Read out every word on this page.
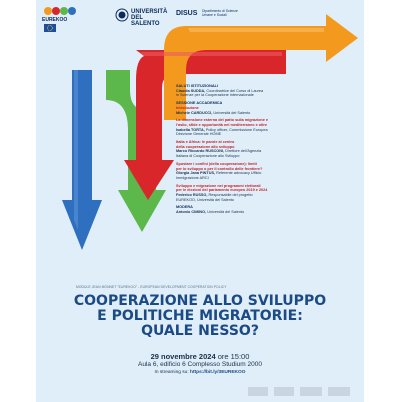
EUREKOO
UNIVERSITÀ DEL SALENTO
DISUS Dipartimento di Scienze Umane e Sociali
SALUTI ISTITUZIONALI
Claudia SUDDA, Coordinatrice del Corso di Laurea
in Scienze per la Cooperazione Internazionale
SESSIONE ACCADEMICA
Introduzione
Michele CARDUCCI, Università del Salento
La dimensione esterna del patto sulla migrazione e
l'asilo, sfide e opportunità nel mediterraneo e oltre
Isabella TORTA, Policy officer, Commissione Europea
Direzione Generale HOME
Italia e Africa: le parole al centro
della cooperazione allo sviluppo
Marco Riccardo RUSCONI, Direttore dell'Agenzia
Italiana di Cooperazione allo Sviluppo
Spostare i confini (della cooperazione): limiti
per lo sviluppo o per il controllo delle frontiere?
Giorgia Jana PINTUS, Referente advocacy Ufficio
Immigrazione ARCI
Sviluppo e migrazione nei programmi elettorali
per le elezioni del parlamento europeo 2019 e 2024
Federico RUSSO, Responsabile del progetto
EUREKOO, Università del Salento
MODERA
Antonio CIMINO, Università del Salento
MODULE JEAN MONNET "EUREKOO" - EUROPEAN DEVELOPMENT COOPERATION POLICY
COOPERAZIONE ALLO SVILUPPO
E POLITICHE MIGRATORIE:
QUALE NESSO?
29 novembre 2024 ore 15:00
Aula 6, edificio 6 Complesso Studium 2000
In streaming su: https://bit.ly/3EUREKOO
